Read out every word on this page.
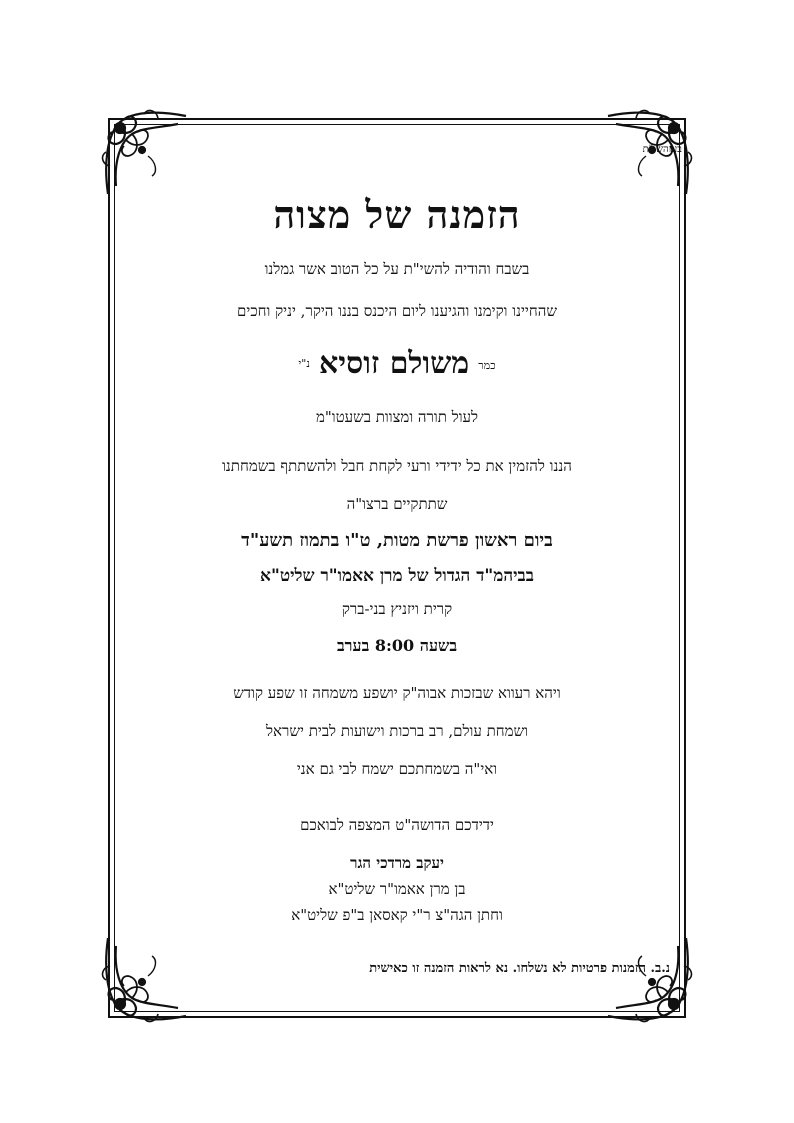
בעזהשי"ת
הזמנה של מצוה
בשבח והודיה להשי"ת על כל הטוב אשר גמלנו
שהחיינו וקימנו והגיענו ליום היכנס בננו היקר, יניק וחכים
$^{כמר}$ משולם זוסיא $^{נ"י}$
לעול תורה ומצוות בשעטו"מ
הננו להזמין את כל ידידי ורעי לקחת חבל ולהשתתף בשמחתנו
שתתקיים ברצו"ה
ביום ראשון פרשת מטות, ט"ו בתמוז תשע"ד
בביהמ"ד הגדול של מרן אאמו"ר שליט"א
קרית ויזניץ בני-ברק
בשעה 8:00 בערב
ויהא רעווא שבזכות אבוה"ק יושפע משמחה זו שפע קודש
ושמחת עולם, רב ברכות וישועות לבית ישראל
ואי"ה בשמחתכם ישמח לבי גם אני
ידידכם הדושה"ט המצפה לבואכם
יעקב מרדכי הגר
בן מרן אאמו"ר שליט"א
וחתן הגה"צ ר"י קאסאן ב"פ שליט"א
נ.ב. הזמנות פרטיות לא נשלחו. נא לראות הזמנה זו כאישית
